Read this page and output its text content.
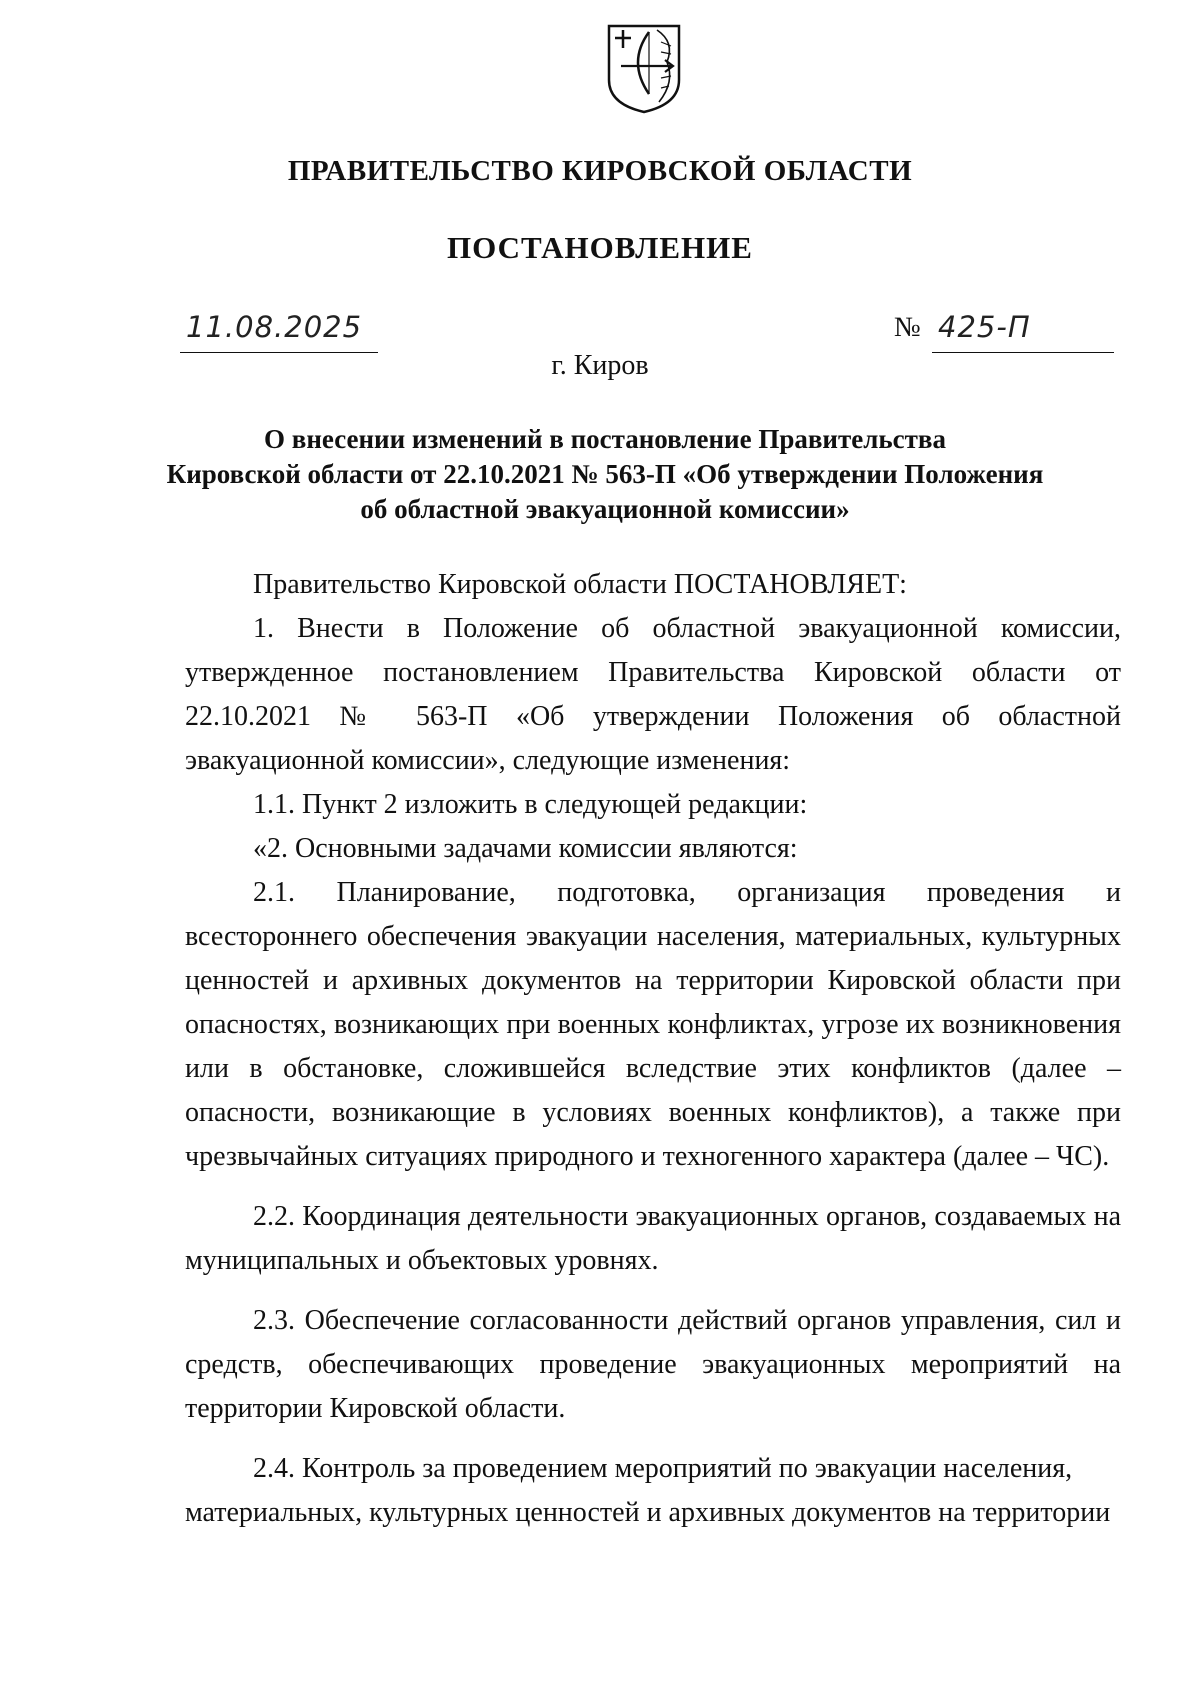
ПРАВИТЕЛЬСТВО КИРОВСКОЙ ОБЛАСТИ
ПОСТАНОВЛЕНИЕ
11.08.2025	№ 425-П
г. Киров
О внесении изменений в постановление Правительства
Кировской области от 22.10.2021 № 563-П «Об утверждении Положения
об областной эвакуационной комиссии»

Правительство Кировской области ПОСТАНОВЛЯЕТ:

1. Внести в Положение об областной эвакуационной комиссии, утвержденное постановлением Правительства Кировской области от 22.10.2021 № 563-П «Об утверждении Положения об областной эвакуационной комиссии», следующие изменения:

1.1. Пункт 2 изложить в следующей редакции:

«2. Основными задачами комиссии являются:

2.1. Планирование, подготовка, организация проведения и всестороннего обеспечения эвакуации населения, материальных, культурных ценностей и архивных документов на территории Кировской области при опасностях, возникающих при военных конфликтах, угрозе их возникновения или в обстановке, сложившейся вследствие этих конфликтов (далее – опасности, возникающие в условиях военных конфликтов), а также при чрезвычайных ситуациях природного и техногенного характера (далее – ЧС).

2.2. Координация деятельности эвакуационных органов, создаваемых на муниципальных и объектовых уровнях.

2.3. Обеспечение согласованности действий органов управления, сил и средств, обеспечивающих проведение эвакуационных мероприятий на территории Кировской области.

2.4. Контроль за проведением мероприятий по эвакуации населения, материальных, культурных ценностей и архивных документов на территории
